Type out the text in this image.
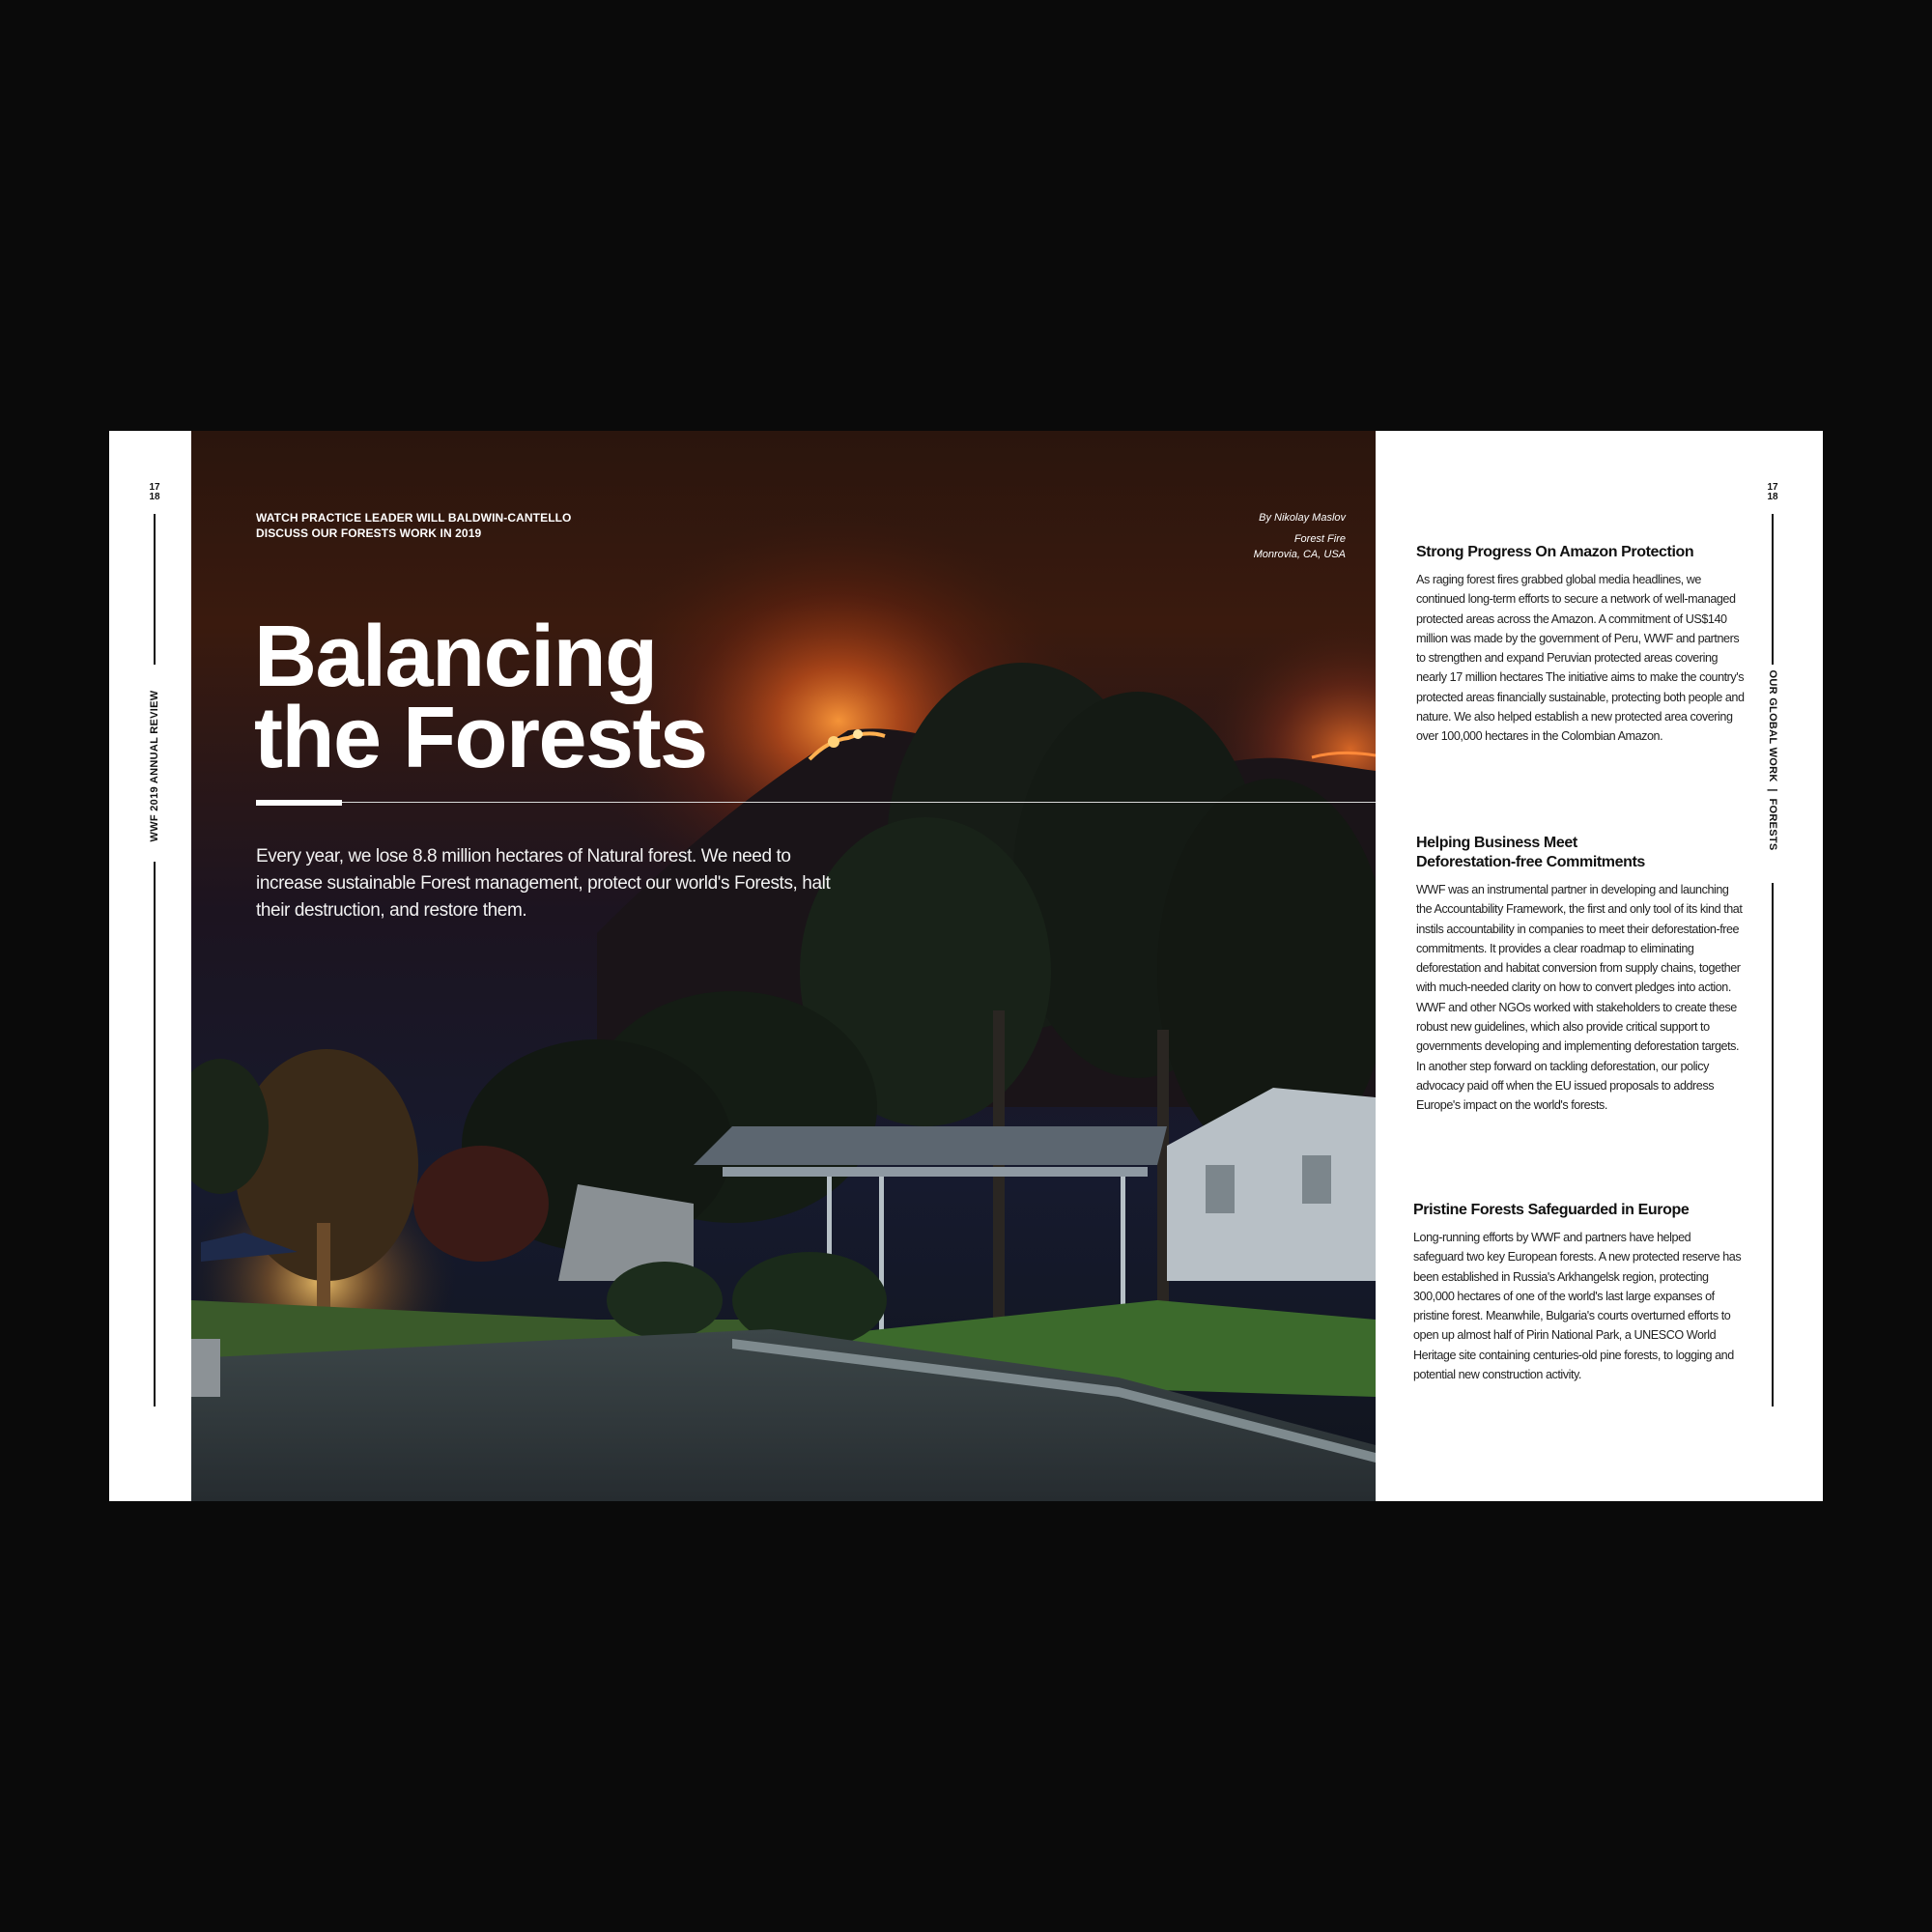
17
18
WWF 2019 ANNUAL REVIEW
WATCH PRACTICE LEADER WILL BALDWIN-CANTELLO
DISCUSS OUR FORESTS WORK IN 2019
By Nikolay Maslov
Forest Fire
Monrovia, CA, USA
Balancing
the Forests

Every year, we lose 8.8 million hectares of Natural forest. We need to increase sustainable Forest management, protect our world's Forests, halt their destruction, and restore them.

Strong Progress On Amazon Protection

As raging forest fires grabbed global media headlines, we continued long-term efforts to secure a network of well-managed protected areas across the Amazon. A commitment of US$140 million was made by the government of Peru, WWF and partners to strengthen and expand Peruvian protected areas covering nearly 17 million hectares The initiative aims to make the country's protected areas financially sustainable, protecting both people and nature. We also helped establish a new protected area covering over 100,000 hectares in the Colombian Amazon.

Helping Business Meet
Deforestation-free Commitments

WWF was an instrumental partner in developing and launching the Accountability Framework, the first and only tool of its kind that instils accountability in companies to meet their deforestation-free commitments. It provides a clear roadmap to eliminating deforestation and habitat conversion from supply chains, together with much-needed clarity on how to convert pledges into action. WWF and other NGOs worked with stakeholders to create these robust new guidelines, which also provide critical support to governments developing and implementing deforestation targets. In another step forward on tackling deforestation, our policy advocacy paid off when the EU issued proposals to address Europe's impact on the world's forests.

Pristine Forests Safeguarded in Europe

Long-running efforts by WWF and partners have helped safeguard two key European forests. A new protected reserve has been established in Russia's Arkhangelsk region, protecting 300,000 hectares of one of the world's last large expanses of pristine forest. Meanwhile, Bulgaria's courts overturned efforts to open up almost half of Pirin National Park, a UNESCO World Heritage site containing centuries-old pine forests, to logging and potential new construction activity.

17
18
OUR GLOBAL WORK  |  FORESTS
